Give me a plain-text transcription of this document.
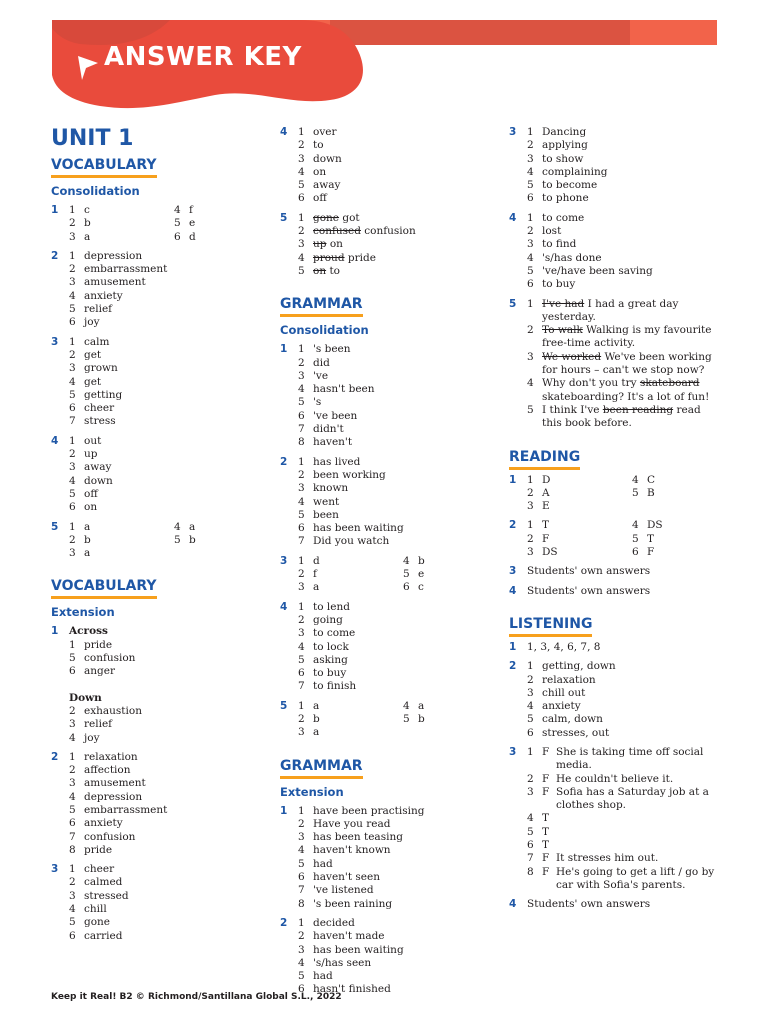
ANSWER KEY
UNIT 1
VOCABULARY
Consolidation
1	1 c
2 b
3 a
4 f
5 e
6 d
2	1 depression
2 embarrassment
3 amusement
4 anxiety
5 relief
6 joy
3	1 calm
2 get
3 grown
4 get
5 getting
6 cheer
7 stress
4	1 out
2 up
3 away
4 down
5 off
6 on
5	1 a
2 b
3 a
4 a
5 b
VOCABULARY
Extension
1	Across
1 pride
5 confusion
6 anger
Down
2 exhaustion
3 relief
4 joy
2	1 relaxation
2 affection
3 amusement
4 depression
5 embarrassment
6 anxiety
7 confusion
8 pride
3	1 cheer
2 calmed
3 stressed
4 chill
5 gone
6 carried
4	1 over
2 to
3 down
4 on
5 away
6 off
5	1 gone got
2 confused confusion
3 up on
4 proud pride
5 on to
GRAMMAR
Consolidation
1	1 's been
2 did
3 've
4 hasn't been
5 's
6 've been
7 didn't
8 haven't
2	1 has lived
2 been working
3 known
4 went
5 been
6 has been waiting
7 Did you watch
3	1 d
2 f
3 a
4 b
5 e
6 c
4	1 to lend
2 going
3 to come
4 to lock
5 asking
6 to buy
7 to finish
5	1 a
2 b
3 a
4 a
5 b
GRAMMAR
Extension
1	1 have been practising
2 Have you read
3 has been teasing
4 haven't known
5 had
6 haven't seen
7 've listened
8 's been raining
2	1 decided
2 haven't made
3 has been waiting
4 's/has seen
5 had
6 hasn't finished
3	1 Dancing
2 applying
3 to show
4 complaining
5 to become
6 to phone
4	1 to come
2 lost
3 to find
4 's/has done
5 've/have been saving
6 to buy
5	1 I've had I had a great day yesterday.
2 To walk Walking is my favourite free-time activity.
3 We worked We've been working for hours – can't we stop now?
4 Why don't you try skateboard skateboarding? It's a lot of fun!
5 I think I've been reading read this book before.
READING
1	1 D
2 A
3 E
4 C
5 B
2	1 T
2 F
3 DS
4 DS
5 T
6 F
3	Students' own answers
4	Students' own answers
LISTENING
1	1, 3, 4, 6, 7, 8
2	1 getting, down
2 relaxation
3 chill out
4 anxiety
5 calm, down
6 stresses, out
3	1 F She is taking time off social media.
2 F He couldn't believe it.
3 F Sofia has a Saturday job at a clothes shop.
4 T
5 T
6 T
7 F It stresses him out.
8 F He's going to get a lift / go by car with Sofia's parents.
4	Students' own answers
Keep it Real! B2 © Richmond/Santillana Global S.L., 2022
